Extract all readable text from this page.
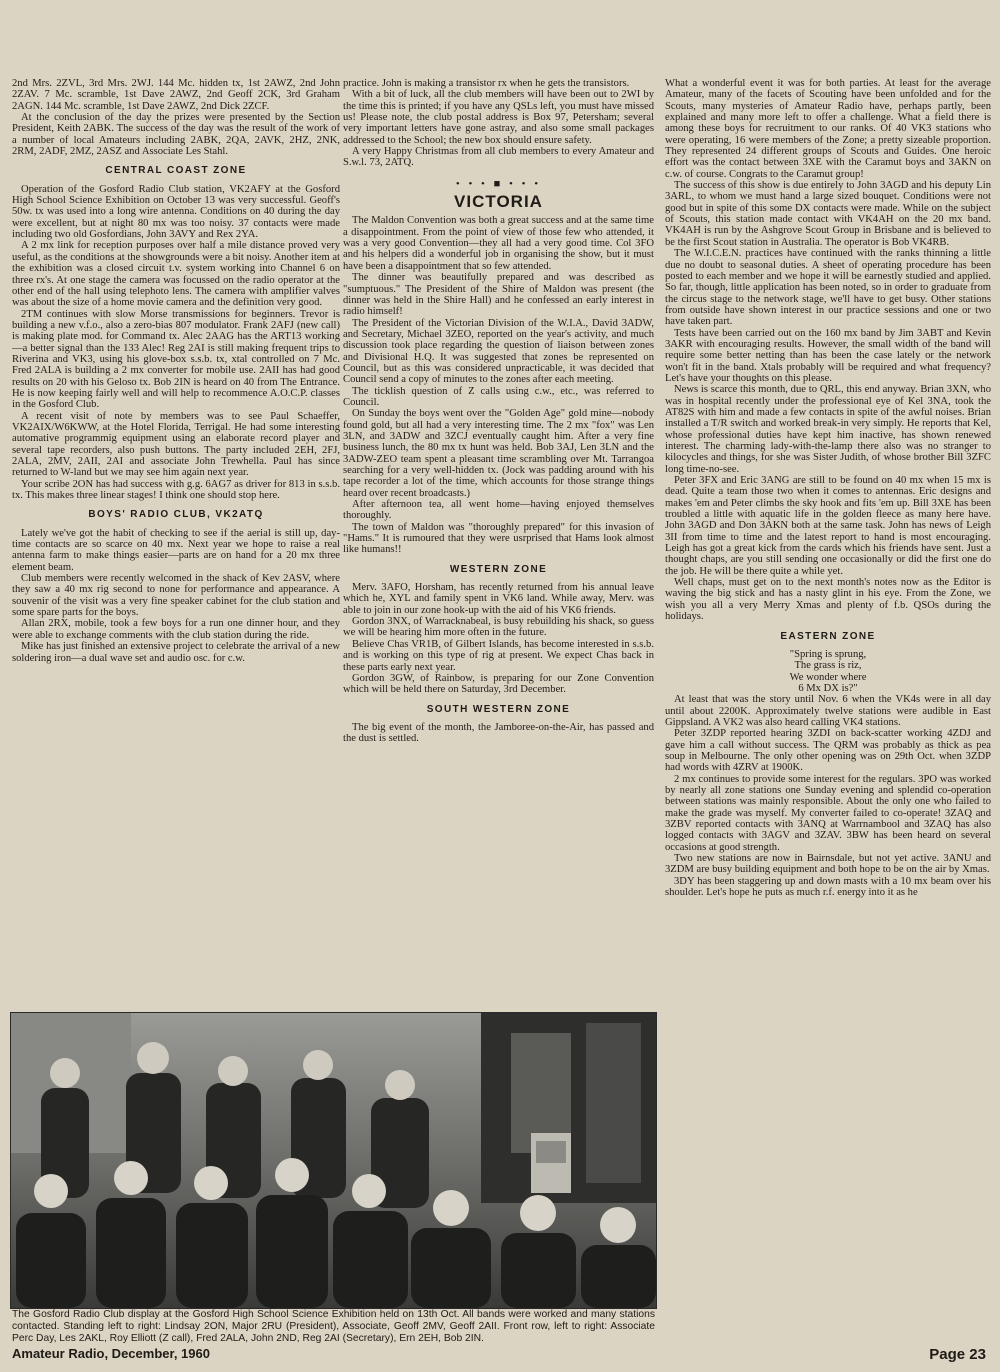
2nd Mrs. 2ZVL, 3rd Mrs. 2WJ. 144 Mc. hidden tx, 1st 2AWZ, 2nd John 2ZAV. 7 Mc. scramble, 1st Dave 2AWZ, 2nd Geoff 2CK, 3rd Graham 2AGN. 144 Mc. scramble, 1st Dave 2AWZ, 2nd Dick 2ZCF.

At the conclusion of the day the prizes were presented by the Section President, Keith 2ABK. The success of the day was the result of the work of a number of local Amateurs including 2ABK, 2QA, 2AVK, 2HZ, 2NK, 2RM, 2ADF, 2MZ, 2ASZ and Associate Les Stahl.

CENTRAL COAST ZONE

Operation of the Gosford Radio Club station, VK2AFY at the Gosford High School Science Exhibition on October 13 was very successful. Geoff's 50w. tx was used into a long wire antenna. Conditions on 40 during the day were excellent, but at night 80 mx was too noisy. 37 contacts were made including two old Gosfordians, John 3AVY and Rex 2YA.

A 2 mx link for reception purposes over half a mile distance proved very useful, as the conditions at the showgrounds were a bit noisy. Another item at the exhibition was a closed circuit t.v. system working into Channel 6 on three rx's. At one stage the camera was focussed on the radio operator at the other end of the hall using telephoto lens. The camera with amplifier valves was about the size of a home movie camera and the definition very good.

2TM continues with slow Morse transmissions for beginners. Trevor is building a new v.f.o., also a zero-bias 807 modulator. Frank 2AFJ (new call) is making plate mod. for Command tx. Alec 2AAG has the ART13 working—a better signal than the 133 Alec! Reg 2AI is still making frequent trips to Riverina and VK3, using his glove-box s.s.b. tx, xtal controlled on 7 Mc. Fred 2ALA is building a 2 mx converter for mobile use. 2AII has had good results on 20 with his Geloso tx. Bob 2IN is heard on 40 from The Entrance. He is now keeping fairly well and will help to recommence A.O.C.P. classes in the Gosford Club.

A recent visit of note by members was to see Paul Schaeffer, VK2AIX/W6KWW, at the Hotel Florida, Terrigal. He had some interesting automative programmig equipment using an elaborate record player and several tape recorders, also push buttons. The party included 2EH, 2FJ, 2ALA, 2MV, 2AII, 2AI and associate John Trewhella. Paul has since returned to W-land but we may see him again next year.

Your scribe 2ON has had success with g.g. 6AG7 as driver for 813 in s.s.b. tx. This makes three linear stages! I think one should stop here.

BOYS' RADIO CLUB, VK2ATQ

Lately we've got the habit of checking to see if the aerial is still up, day-time contacts are so scarce on 40 mx. Next year we hope to raise a real antenna farm to make things easier—parts are on hand for a 20 mx three element beam.

Club members were recently welcomed in the shack of Kev 2ASV, where they saw a 40 mx rig second to none for performance and appearance. A souvenir of the visit was a very fine speaker cabinet for the club station and some spare parts for the boys.

Allan 2RX, mobile, took a few boys for a run one dinner hour, and they were able to exchange comments with the club station during the ride.

Mike has just finished an extensive project to celebrate the arrival of a new soldering iron—a dual wave set and audio osc. for c.w.

practice. John is making a transistor rx when he gets the transistors.

With a bit of luck, all the club members will have been out to 2WI by the time this is printed; if you have any QSLs left, you must have missed us! Please note, the club postal address is Box 97, Petersham; several very important letters have gone astray, and also some small packages addressed to the School; the new box should ensure safety.

A very Happy Christmas from all club members to every Amateur and S.w.l. 73, 2ATQ.

• • • ■ • • •
VICTORIA

The Maldon Convention was both a great success and at the same time a disappointment. From the point of view of those few who attended, it was a very good Convention—they all had a very good time. Col 3FO and his helpers did a wonderful job in organising the show, but it must have been a disappointment that so few attended.

The dinner was beautifully prepared and was described as "sumptuous." The President of the Shire of Maldon was present (the dinner was held in the Shire Hall) and he confessed an early interest in radio himself!

The President of the Victorian Division of the W.I.A., David 3ADW, and Secretary, Michael 3ZEO, reported on the year's activity, and much discussion took place regarding the question of liaison between zones and Divisional H.Q. It was suggested that zones be represented on Council, but as this was considered unpracticable, it was decided that Council send a copy of minutes to the zones after each meeting.

The ticklish question of Z calls using c.w., etc., was referred to Council.

On Sunday the boys went over the "Golden Age" gold mine—nobody found gold, but all had a very interesting time. The 2 mx "fox" was Len 3LN, and 3ADW and 3ZCJ eventually caught him. After a very fine business lunch, the 80 mx tx hunt was held. Bob 3AJ, Len 3LN and the 3ADW-ZEO team spent a pleasant time scrambling over Mt. Tarrangoa searching for a very well-hidden tx. (Jock was padding around with his tape recorder a lot of the time, which accounts for those strange things heard over recent broadcasts.)

After afternoon tea, all went home—having enjoyed themselves thoroughly.

The town of Maldon was "thoroughly prepared" for this invasion of "Hams." It is rumoured that they were usrprised that Hams look almost like humans!!

WESTERN ZONE

Merv. 3AFO, Horsham, has recently returned from his annual leave which he, XYL and family spent in VK6 land. While away, Merv. was able to join in our zone hook-up with the aid of his VK6 friends.

Gordon 3NX, of Warracknabeal, is busy rebuilding his shack, so guess we will be hearing him more often in the future.

Believe Chas VR1B, of Gilbert Islands, has become interested in s.s.b. and is working on this type of rig at present. We expect Chas back in these parts early next year.

Gordon 3GW, of Rainbow, is preparing for our Zone Convention which will be held there on Saturday, 3rd December.

SOUTH WESTERN ZONE

The big event of the month, the Jamboree-on-the-Air, has passed and the dust is settled.

What a wonderful event it was for both parties. At least for the average Amateur, many of the facets of Scouting have been unfolded and for the Scouts, many mysteries of Amateur Radio have, perhaps partly, been explained and many more left to offer a challenge. What a field there is among these boys for recruitment to our ranks. Of 40 VK3 stations who were operating, 16 were members of the Zone; a pretty sizeable proportion. They represented 24 different groups of Scouts and Guides. One heroic effort was the contact between 3XE with the Caramut boys and 3AKN on c.w. of course. Congrats to the Caramut group!

The success of this show is due entirely to John 3AGD and his deputy Lin 3ARL, to whom we must hand a large sized bouquet. Conditions were not good but in spite of this some DX contacts were made. While on the subject of Scouts, this station made contact with VK4AH on the 20 mx band. VK4AH is run by the Ashgrove Scout Group in Brisbane and is believed to be the first Scout station in Australia. The operator is Bob VK4RB.

The W.I.C.E.N. practices have continued with the ranks thinning a little due no doubt to seasonal duties. A sheet of operating procedure has been posted to each member and we hope it will be earnestly studied and applied. So far, though, little application has been noted, so in order to graduate from the circus stage to the network stage, we'll have to get busy. Other stations from outside have shown interest in our practice sessions and one or two have taken part.

Tests have been carried out on the 160 mx band by Jim 3ABT and Kevin 3AKR with encouraging results. However, the small width of the band will require some better netting than has been the case lately or the network won't fit in the band. Xtals probably will be required and what frequency? Let's have your thoughts on this please.

News is scarce this month, due to QRL, this end anyway. Brian 3XN, who was in hospital recently under the professional eye of Kel 3NA, took the AT82S with him and made a few contacts in spite of the awful noises. Brian installed a T/R switch and worked break-in very simply. He reports that Kel, whose professional duties have kept him inactive, has shown renewed interest. The charming lady-with-the-lamp there also was no stranger to kilocycles and things, for she was Sister Judith, of whose brother Bill 3ZFC long time-no-see.

Peter 3FX and Eric 3ANG are still to be found on 40 mx when 15 mx is dead. Quite a team those two when it comes to antennas. Eric designs and makes 'em and Peter climbs the sky hook and fits 'em up. Bill 3XE has been troubled a little with aquatic life in the golden fleece as many here have. John 3AGD and Don 3AKN both at the same task. John has news of Leigh 3II from time to time and the latest report to hand is most encouraging. Leigh has got a great kick from the cards which his friends have sent. Just a thought chaps, are you still sending one occasionally or did the first one do the job. He will be there quite a while yet.

Well chaps, must get on to the next month's notes now as the Editor is waving the big stick and has a nasty glint in his eye. From the Zone, we wish you all a very Merry Xmas and plenty of f.b. QSOs during the holidays.

EASTERN ZONE

"Spring is sprung,

The grass is riz,

We wonder where

6 Mx DX is?"

At least that was the story until Nov. 6 when the VK4s were in all day until about 2200K. Approximately twelve stations were audible in East Gippsland. A VK2 was also heard calling VK4 stations.

Peter 3ZDP reported hearing 3ZDI on back-scatter working 4ZDJ and gave him a call without success. The QRM was probably as thick as pea soup in Melbourne. The only other opening was on 29th Oct. when 3ZDP had words with 4ZRV at 1900K.

2 mx continues to provide some interest for the regulars. 3PO was worked by nearly all zone stations one Sunday evening and splendid co-operation between stations was mainly responsible. About the only one who failed to make the grade was myself. My converter failed to co-operate! 3ZAQ and 3ZBV reported contacts with 3ANQ at Warrnambool and 3ZAQ has also logged contacts with 3AGV and 3ZAV. 3BW has been heard on several occasions at good strength.

Two new stations are now in Bairnsdale, but not yet active. 3ANU and 3ZDM are busy building equipment and both hope to be on the air by Xmas.

3DY has been staggering up and down masts with a 10 mx beam over his shoulder. Let's hope he puts as much r.f. energy into it as he

The Gosford Radio Club display at the Gosford High School Science Exhibition held on 13th Oct. All bands were worked and many stations contacted. Standing left to right: Lindsay 2ON, Major 2RU (President), Associate, Geoff 2MV, Geoff 2AII. Front row, left to right: Associate Perc Day, Les 2AKL, Roy Elliott (Z call), Fred 2ALA, John 2ND, Reg 2AI (Secretary), Ern 2EH, Bob 2IN.

Amateur Radio, December, 1960	Page 23
